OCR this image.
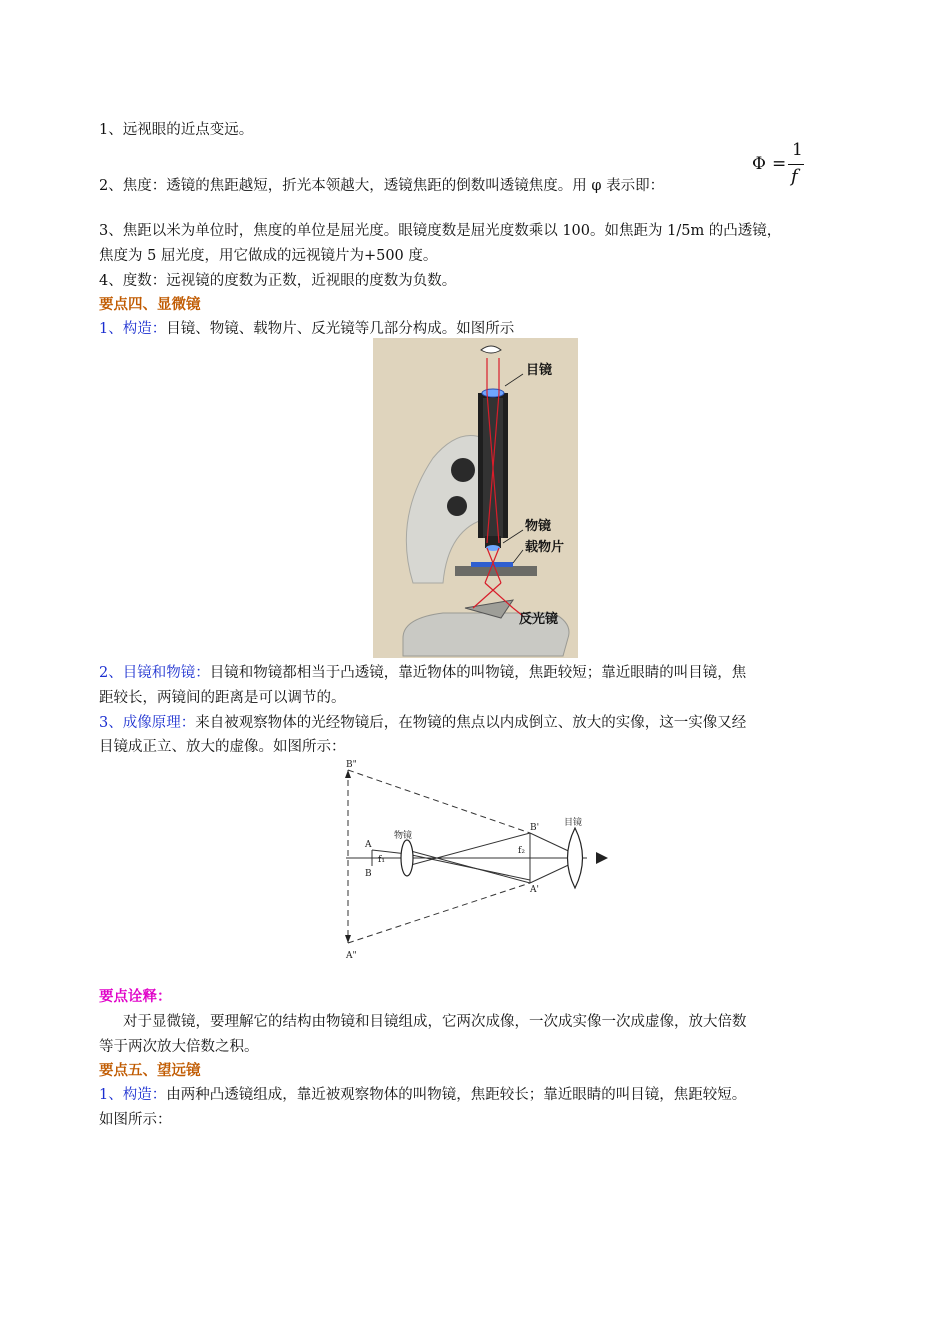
1、远视眼的近点变远。
2、焦度：透镜的焦距越短，折光本领越大，透镜焦距的倒数叫透镜焦度。用 φ 表示即：
Φ =
1
f
3、焦距以米为单位时，焦度的单位是屈光度。眼镜度数是屈光度数乘以 100。如焦距为 1/5m 的凸透镜，
焦度为 5 屈光度，用它做成的远视镜片为+500 度。
4、度数：远视镜的度数为正数，近视眼的度数为负数。
要点四、显微镜
1、构造：目镜、物镜、载物片、反光镜等几部分构成。如图所示
目镜
物镜
载物片
反光镜
2、目镜和物镜：目镜和物镜都相当于凸透镜，靠近物体的叫物镜，焦距较短；靠近眼睛的叫目镜，焦
距较长，两镜间的距离是可以调节的。
3、成像原理：来自被观察物体的光经物镜后，在物镜的焦点以内成倒立、放大的实像，这一实像又经
目镜成正立、放大的虚像。如图所示：
B"
A"
A
B
f₁
物镜
B'
A'
f₂
目镜
要点诠释：
对于显微镜，要理解它的结构由物镜和目镜组成，它两次成像，一次成实像一次成虚像，放大倍数
等于两次放大倍数之积。
要点五、望远镜
1、构造：由两种凸透镜组成，靠近被观察物体的叫物镜，焦距较长；靠近眼睛的叫目镜，焦距较短。
如图所示：
